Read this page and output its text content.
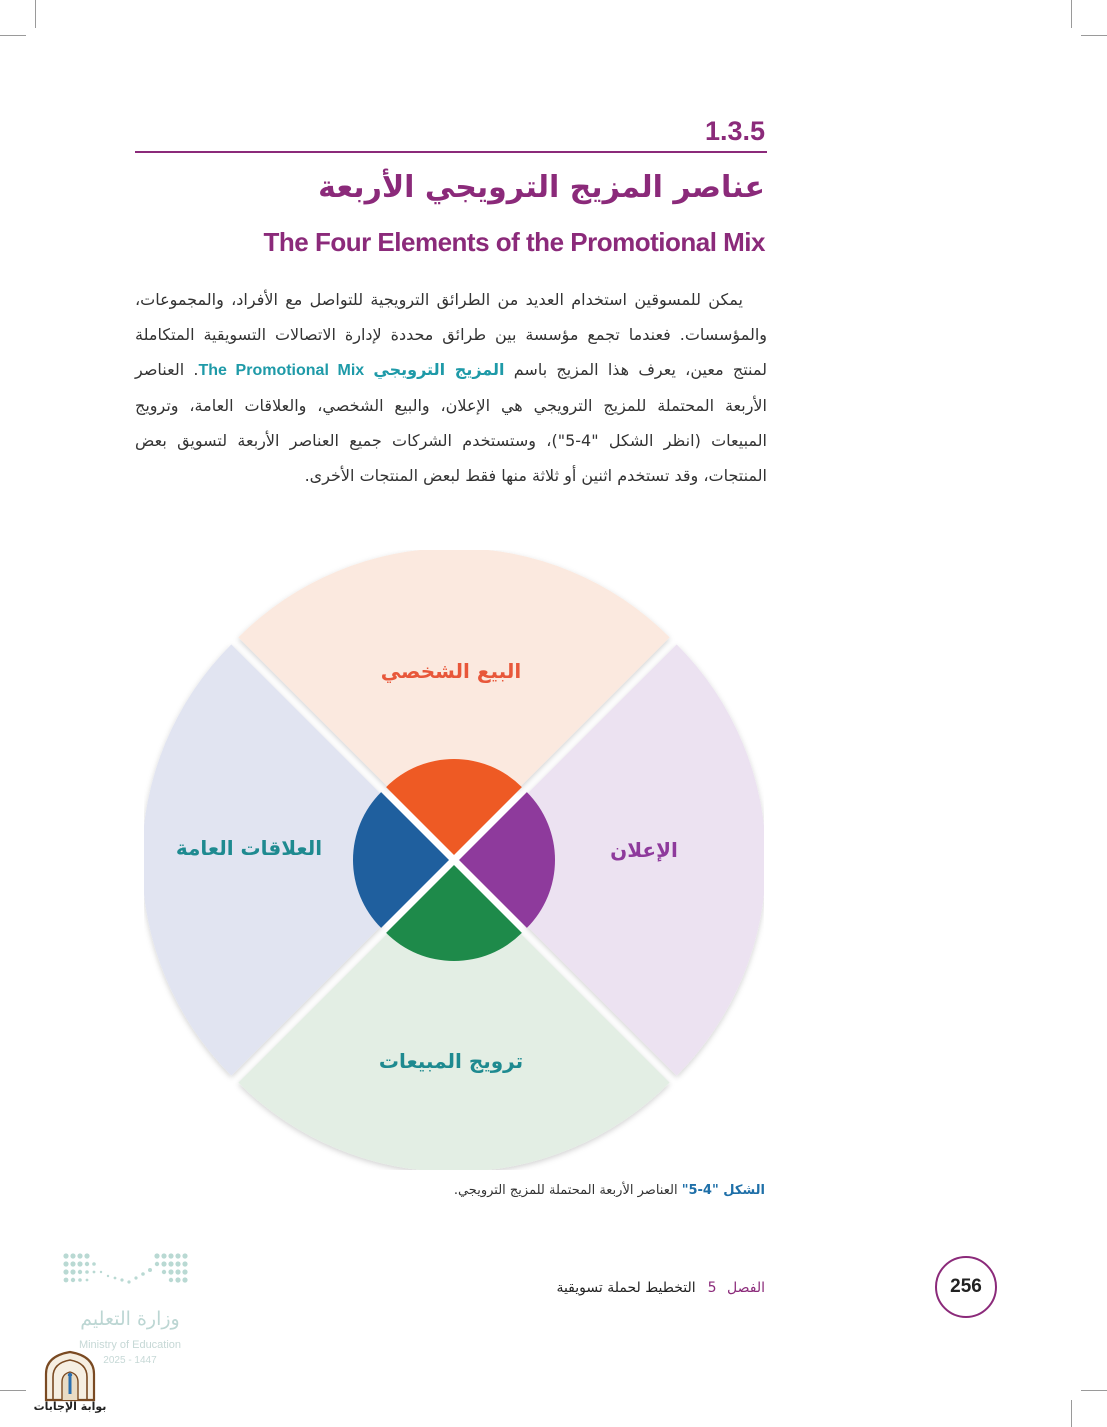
1.3.5
عناصر المزيج الترويجي الأربعة
The Four Elements of the Promotional Mix
يمكن للمسوقين استخدام العديد من الطرائق الترويجية للتواصل مع الأفراد، والمجموعات، والمؤسسات. فعندما تجمع مؤسسة بين طرائق محددة لإدارة الاتصالات التسويقية المتكاملة لمنتج معين، يعرف هذا المزيج باسم المزيج الترويجي The Promotional Mix. العناصر الأربعة المحتملة للمزيج الترويجي هي الإعلان، والبيع الشخصي، والعلاقات العامة، وترويج المبيعات (انظر الشكل "4-5")، وستستخدم الشركات جميع العناصر الأربعة لتسويق بعض المنتجات، وقد تستخدم اثنين أو ثلاثة منها فقط لبعض المنتجات الأخرى.
البيع الشخصي
الإعلان
ترويج المبيعات
العلاقات العامة
الشكل "4-5" العناصر الأربعة المحتملة للمزيج الترويجي.
الفصل 5التخطيط لحملة تسويقية	256
وزارة التعليم
Ministry of Education
2025 - 1447
بوابة الإجابات
